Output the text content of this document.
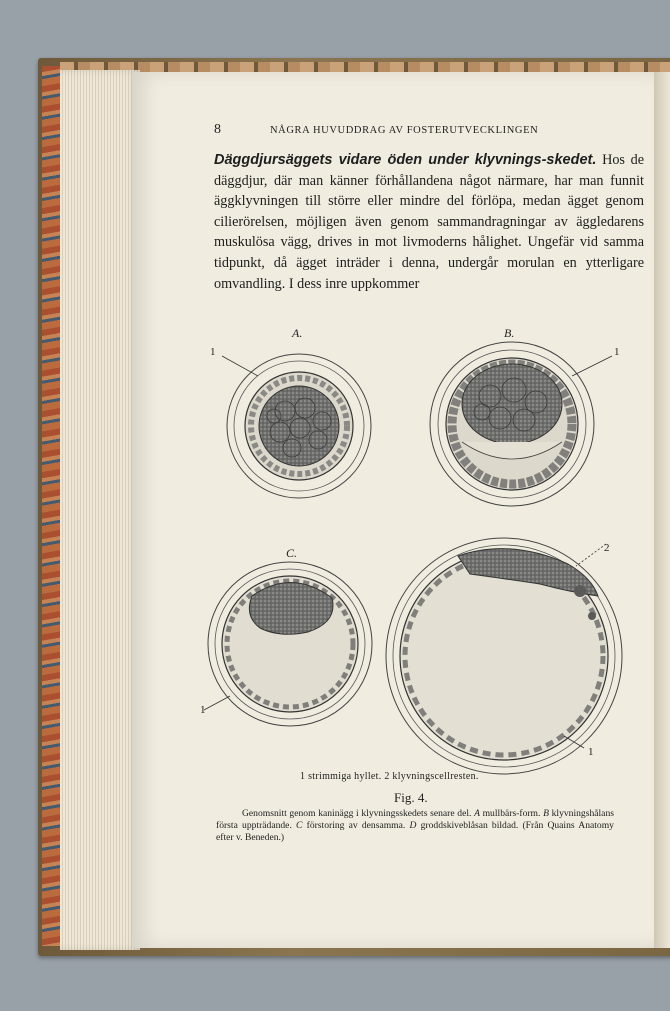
8	NÅGRA HUVUDDRAG AV FOSTERUTVECKLINGEN

Däggdjursäggets vidare öden under klyvnings-skedet. Hos de däggdjur, där man känner förhållandena något närmare, har man funnit äggklyvningen till större eller mindre del förlöpa, medan ägget genom cilierörelsen, möjligen även genom sammandragningar av äggledarens muskulösa vägg, drives in mot livmoderns hålighet. Ungefär vid samma tidpunkt, då ägget inträder i denna, undergår morulan en ytterligare omvandling. I dess inre uppkommer

A.	B.
C.
1	1
2
1
1
1 strimmiga hyllet. 2 klyvningscellresten.
Fig. 4.
Genomsnitt genom kaninägg i klyvningsskedets senare del. A mullbärs-form. B klyvningshålans första uppträdande. C förstoring av densamma. D groddskiveblåsan bildad. (Från Quains Anatomy efter v. Beneden.)
